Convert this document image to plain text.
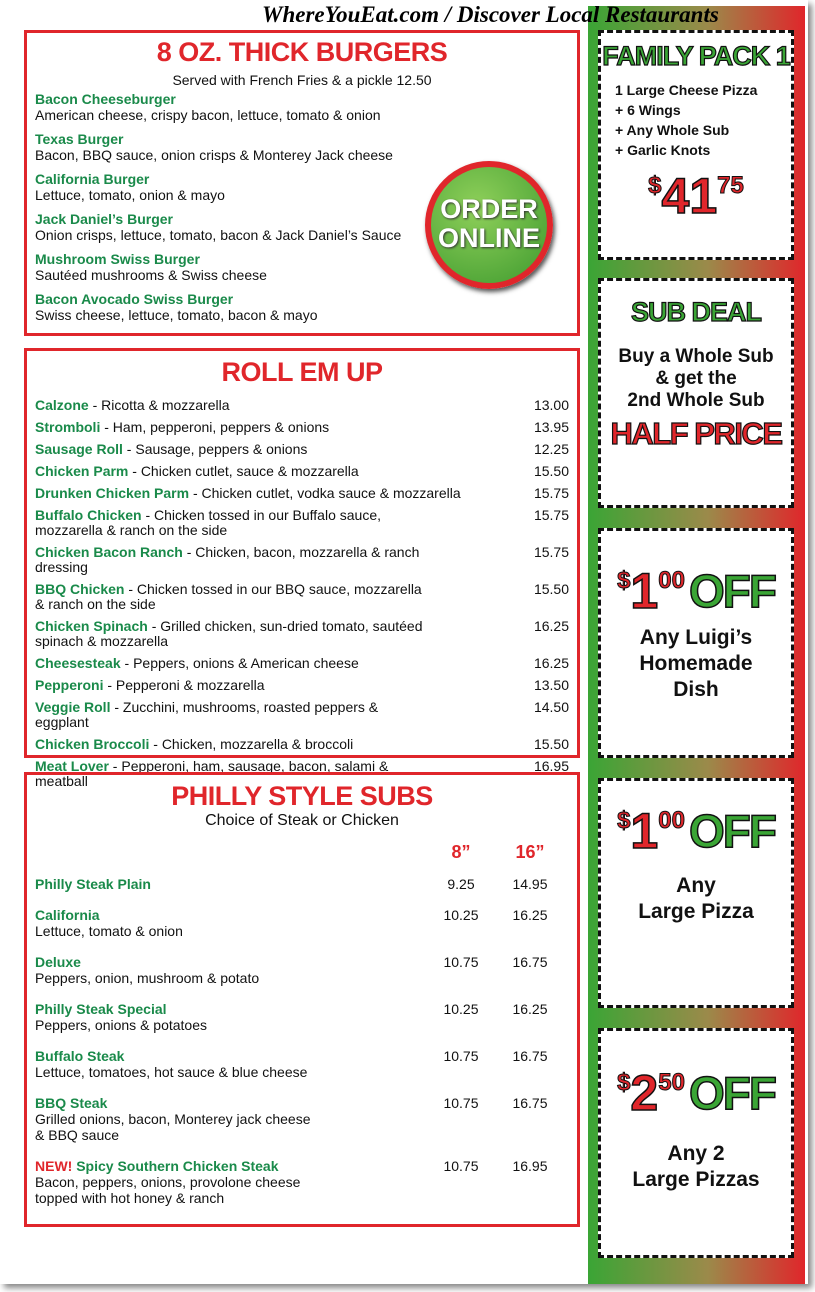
8 OZ. THICK BURGERS
Served with French Fries & a pickle 12.50
Bacon Cheeseburger
American cheese, crispy bacon, lettuce, tomato & onion
Texas Burger
Bacon, BBQ sauce, onion crisps & Monterey Jack cheese
California Burger
Lettuce, tomato, onion & mayo
Jack Daniel’s Burger
Onion crisps, lettuce, tomato, bacon & Jack Daniel’s Sauce
Mushroom Swiss Burger
Sautéed mushrooms & Swiss cheese
Bacon Avocado Swiss Burger
Swiss cheese, lettuce, tomato, bacon & mayo
ORDER ONLINE
ROLL EM UP
Calzone - Ricotta & mozzarella	13.00
Stromboli - Ham, pepperoni, peppers & onions	13.95
Sausage Roll - Sausage, peppers & onions	12.25
Chicken Parm - Chicken cutlet, sauce & mozzarella	15.50
Drunken Chicken Parm - Chicken cutlet, vodka sauce & mozzarella	15.75
Buffalo Chicken - Chicken tossed in our Buffalo sauce, mozzarella & ranch on the side
15.75
Chicken Bacon Ranch - Chicken, bacon, mozzarella & ranch dressing
15.75
BBQ Chicken - Chicken tossed in our BBQ sauce, mozzarella & ranch on the side
15.50
Chicken Spinach - Grilled chicken, sun-dried tomato, sautéed spinach & mozzarella
16.25
Cheesesteak - Peppers, onions & American cheese	16.25
Pepperoni - Pepperoni & mozzarella	13.50
Veggie Roll - Zucchini, mushrooms, roasted peppers & eggplant
14.50
Chicken Broccoli - Chicken, mozzarella & broccoli	15.50
Meat Lover - Pepperoni, ham, sausage, bacon, salami & meatball
16.95
PHILLY STYLE SUBS
Choice of Steak or Chicken
8”	16”
Philly Steak Plain	9.25	14.95
California
Lettuce, tomato & onion
10.25	16.25
Deluxe
Peppers, onion, mushroom & potato
10.75	16.75
Philly Steak Special
Peppers, onions & potatoes
10.25	16.25
Buffalo Steak
Lettuce, tomatoes, hot sauce & blue cheese
10.75	16.75
BBQ Steak
Grilled onions, bacon, Monterey jack cheese & BBQ sauce
10.75	16.75
NEW! Spicy Southern Chicken Steak
Bacon, peppers, onions, provolone cheese topped with hot honey & ranch
10.75	16.95
FAMILY PACK 1
1 Large Cheese Pizza
+ 6 Wings
+ Any Whole Sub
+ Garlic Knots
$ 41 75
SUB DEAL
Buy a Whole Sub
& get the
2nd Whole Sub
HALF PRICE
$ 1 00 OFF
Any Luigi’s
Homemade
Dish
$ 1 00 OFF
Any
Large Pizza
$ 2 50 OFF
Any 2
Large Pizzas
WhereYouEat.com / Discover Local Restaurants
